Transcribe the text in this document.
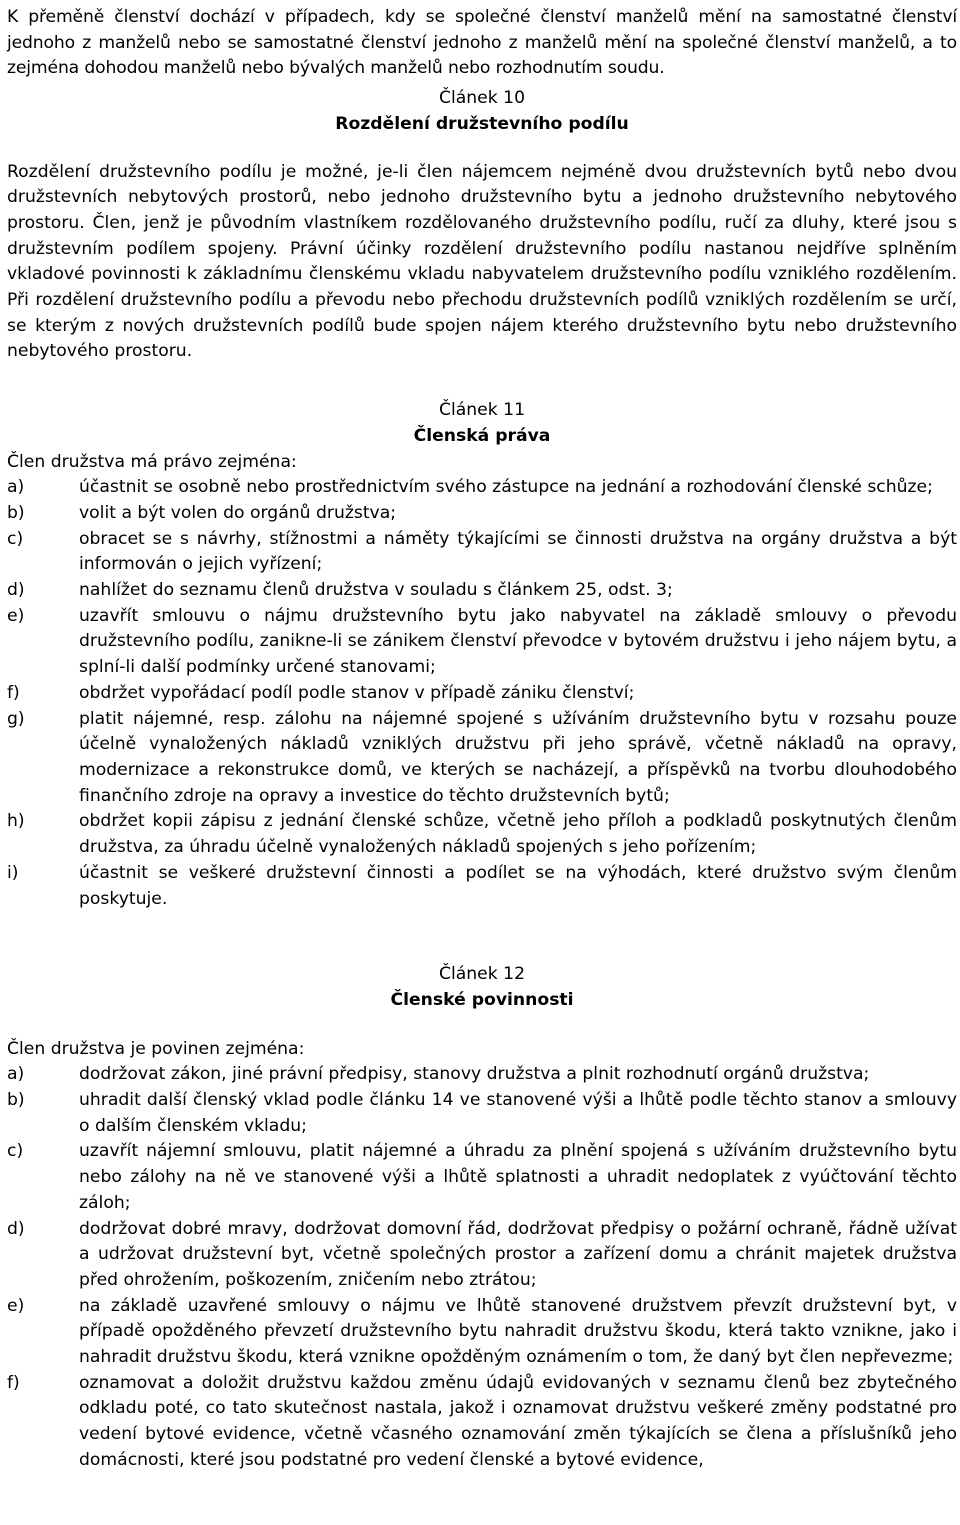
K přeměně členství dochází v případech, kdy se společné členství manželů mění na samostatné členství jednoho z manželů nebo se samostatné členství jednoho z manželů mění na společné členství manželů, a to zejména dohodou manželů nebo bývalých manželů nebo rozhodnutím soudu.

Článek 10
Rozdělení družstevního podílu

Rozdělení družstevního podílu je možné, je-li člen nájemcem nejméně dvou družstevních bytů nebo dvou družstevních nebytových prostorů, nebo jednoho družstevního bytu a jednoho družstevního nebytového prostoru. Člen, jenž je původním vlastníkem rozdělovaného družstevního podílu, ručí za dluhy, které jsou s družstevním podílem spojeny. Právní účinky rozdělení družstevního podílu nastanou nejdříve splněním vkladové povinnosti k základnímu členskému vkladu nabyvatelem družstevního podílu vzniklého rozdělením. Při rozdělení družstevního podílu a převodu nebo přechodu družstevních podílů vzniklých rozdělením se určí, se kterým z nových družstevních podílů bude spojen nájem kterého družstevního bytu nebo družstevního nebytového prostoru.

Článek 11
Členská práva

Člen družstva má právo zejména:

a)	účastnit se osobně nebo prostřednictvím svého zástupce na jednání a rozhodování členské schůze;
b)	volit a být volen do orgánů družstva;
c)	obracet se s návrhy, stížnostmi a náměty týkajícími se činnosti družstva na orgány družstva a být informován o jejich vyřízení;
d)	nahlížet do seznamu členů družstva v souladu s článkem 25, odst. 3;
e)	uzavřít smlouvu o nájmu družstevního bytu jako nabyvatel na základě smlouvy o převodu družstevního podílu, zanikne-li se zánikem členství převodce v bytovém družstvu i jeho nájem bytu, a splní-li další podmínky určené stanovami;
f)	obdržet vypořádací podíl podle stanov v případě zániku členství;
g)	platit nájemné, resp. zálohu na nájemné spojené s užíváním družstevního bytu v rozsahu pouze účelně vynaložených nákladů vzniklých družstvu při jeho správě, včetně nákladů na opravy, modernizace a rekonstrukce domů, ve kterých se nacházejí, a příspěvků na tvorbu dlouhodobého finančního zdroje na opravy a investice do těchto družstevních bytů;
h)	obdržet kopii zápisu z jednání členské schůze, včetně jeho příloh a podkladů poskytnutých členům družstva, za úhradu účelně vynaložených nákladů spojených s jeho pořízením;
i)	účastnit se veškeré družstevní činnosti a podílet se na výhodách, které družstvo svým členům poskytuje.
Článek 12
Členské povinnosti

Člen družstva je povinen zejména:

a)	dodržovat zákon, jiné právní předpisy, stanovy družstva a plnit rozhodnutí orgánů družstva;
b)	uhradit další členský vklad podle článku 14 ve stanovené výši a lhůtě podle těchto stanov a smlouvy o dalším členském vkladu;
c)	uzavřít nájemní smlouvu, platit nájemné a úhradu za plnění spojená s užíváním družstevního bytu nebo zálohy na ně ve stanovené výši a lhůtě splatnosti a uhradit nedoplatek z vyúčtování těchto záloh;
d)	dodržovat dobré mravy, dodržovat domovní řád, dodržovat předpisy o požární ochraně, řádně užívat a udržovat družstevní byt, včetně společných prostor a zařízení domu a chránit majetek družstva před ohrožením, poškozením, zničením nebo ztrátou;
e)	na základě uzavřené smlouvy o nájmu ve lhůtě stanovené družstvem převzít družstevní byt, v případě opožděného převzetí družstevního bytu nahradit družstvu škodu, která takto vznikne, jako i nahradit družstvu škodu, která vznikne opožděným oznámením o tom, že daný byt člen nepřevezme;
f)	oznamovat a doložit družstvu každou změnu údajů evidovaných v seznamu členů bez zbytečného odkladu poté, co tato skutečnost nastala, jakož i oznamovat družstvu veškeré změny podstatné pro vedení bytové evidence, včetně včasného oznamování změn týkajících se člena a příslušníků jeho domácnosti, které jsou podstatné pro vedení členské a bytové evidence,
